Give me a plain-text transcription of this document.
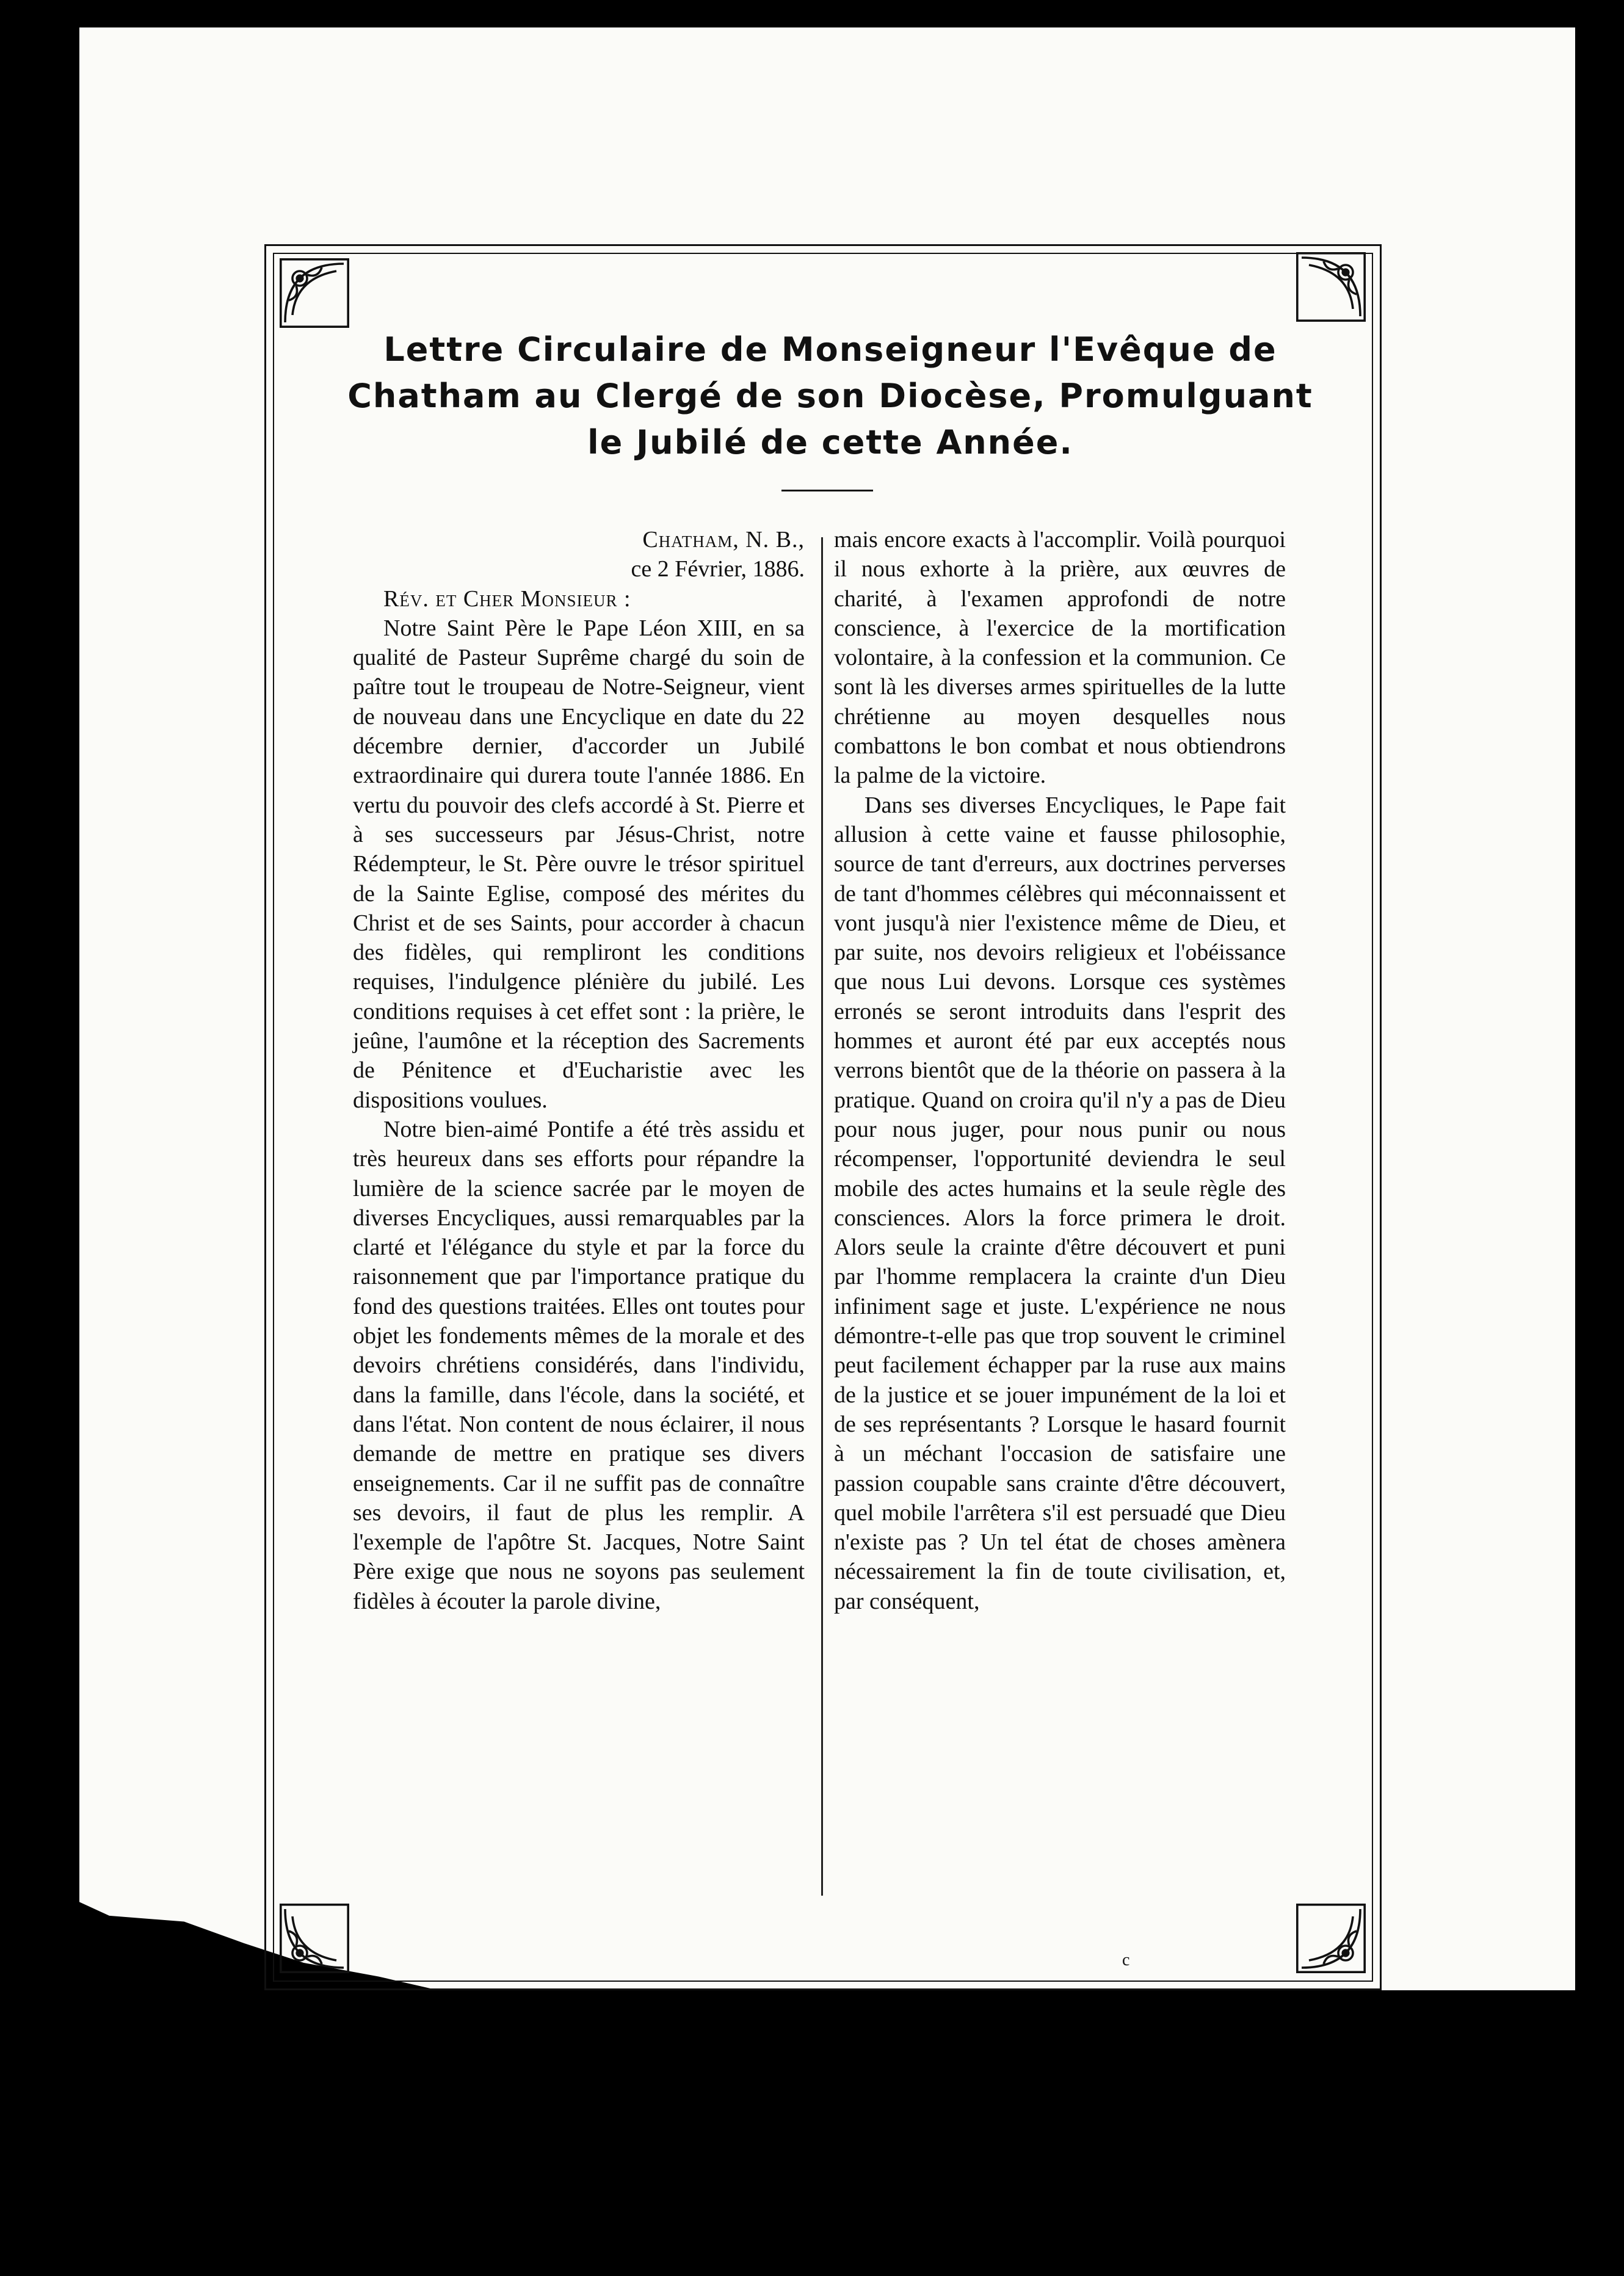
Lettre Circulaire de Monseigneur l'Evêque de Chatham au Clergé de son Diocèse, Promulguant le Jubilé de cette Année.

Chatham, N. B.,

ce 2 Février, 1886.

Rév. et Cher Monsieur :

Notre Saint Père le Pape Léon XIII, en sa qualité de Pasteur Suprême chargé du soin de paître tout le troupeau de Notre-Seigneur, vient de nouveau dans une Encyclique en date du 22 décembre dernier, d'accorder un Jubilé extraordinaire qui durera toute l'année 1886. En vertu du pouvoir des clefs accordé à St. Pierre et à ses successeurs par Jésus-Christ, notre Rédempteur, le St. Père ouvre le trésor spirituel de la Sainte Eglise, composé des mérites du Christ et de ses Saints, pour accorder à chacun des fidèles, qui rempliront les conditions requises, l'indulgence plénière du jubilé. Les conditions requises à cet effet sont : la prière, le jeûne, l'aumône et la réception des Sacrements de Pénitence et d'Eucharistie avec les dispositions voulues.

Notre bien-aimé Pontife a été très assidu et très heureux dans ses efforts pour répandre la lumière de la science sacrée par le moyen de diverses Encycliques, aussi remarquables par la clarté et l'élégance du style et par la force du raisonnement que par l'importance pratique du fond des questions traitées. Elles ont toutes pour objet les fondements mêmes de la morale et des devoirs chrétiens considérés, dans l'individu, dans la famille, dans l'école, dans la société, et dans l'état. Non content de nous éclairer, il nous demande de mettre en pratique ses divers enseignements. Car il ne suffit pas de connaître ses devoirs, il faut de plus les remplir. A l'exemple de l'apôtre St. Jacques, Notre Saint Père exige que nous ne soyons pas seulement fidèles à écouter la parole divine,

mais encore exacts à l'accomplir. Voilà pourquoi il nous exhorte à la prière, aux œuvres de charité, à l'examen approfondi de notre conscience, à l'exercice de la mortification volontaire, à la confession et la communion. Ce sont là les diverses armes spirituelles de la lutte chrétienne au moyen desquelles nous combattons le bon combat et nous obtiendrons la palme de la victoire.

Dans ses diverses Encycliques, le Pape fait allusion à cette vaine et fausse philosophie, source de tant d'erreurs, aux doctrines perverses de tant d'hommes célèbres qui méconnaissent et vont jusqu'à nier l'existence même de Dieu, et par suite, nos devoirs religieux et l'obéissance que nous Lui devons. Lorsque ces systèmes erronés se seront introduits dans l'esprit des hommes et auront été par eux acceptés nous verrons bientôt que de la théorie on passera à la pratique. Quand on croira qu'il n'y a pas de Dieu pour nous juger, pour nous punir ou nous récompenser, l'opportunité deviendra le seul mobile des actes humains et la seule règle des consciences. Alors la force primera le droit. Alors seule la crainte d'être découvert et puni par l'homme remplacera la crainte d'un Dieu infiniment sage et juste. L'expérience ne nous démontre-t-elle pas que trop souvent le criminel peut facilement échapper par la ruse aux mains de la justice et se jouer impunément de la loi et de ses représentants ? Lorsque le hasard fournit à un méchant l'occasion de satisfaire une passion coupable sans crainte d'être découvert, quel mobile l'arrêtera s'il est persuadé que Dieu n'existe pas ? Un tel état de choses amènera nécessairement la fin de toute civilisation, et, par conséquent,

c
